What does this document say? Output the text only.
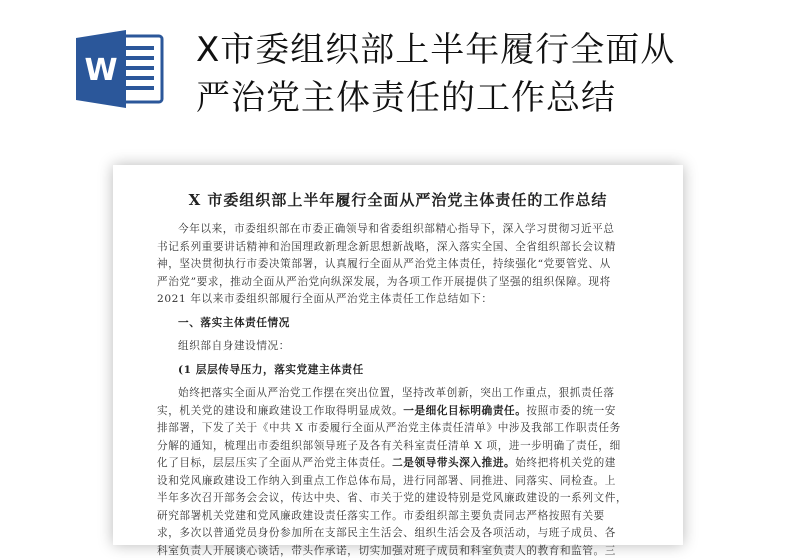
W
X市委组织部上半年履行全面从
严治党主体责任的工作总结
X 市委组织部上半年履行全面从严治党主体责任的工作总结
今年以来，市委组织部在市委正确领导和省委组织部精心指导下，深入学习贯彻习近平总
书记系列重要讲话精神和治国理政新理念新思想新战略，深入落实全国、全省组织部长会议精
神，坚决贯彻执行市委决策部署，认真履行全面从严治党主体责任，持续强化“党要管党、从
严治党”要求，推动全面从严治党向纵深发展，为各项工作开展提供了坚强的组织保障。现将
2021 年以来市委组织部履行全面从严治党主体责任工作总结如下：
一、落实主体责任情况
组织部自身建设情况：
(1 层层传导压力，落实党建主体责任
始终把落实全面从严治党工作摆在突出位置，坚持改革创新，突出工作重点，狠抓责任落
实，机关党的建设和廉政建设工作取得明显成效。一是细化目标明确责任。按照市委的统一安
排部署，下发了关于《中共 X 市委履行全面从严治党主体责任清单》中涉及我部工作职责任务
分解的通知，梳理出市委组织部领导班子及各有关科室责任清单 X 项，进一步明确了责任，细
化了目标，层层压实了全面从严治党主体责任。二是领导带头深入推进。始终把将机关党的建
设和党风廉政建设工作纳入到重点工作总体布局，进行同部署、同推进、同落实、同检查。上
半年多次召开部务会会议，传达中央、省、市关于党的建设特别是党风廉政建设的一系列文件，
研究部署机关党建和党风廉政建设责任落实工作。市委组织部主要负责同志严格按照有关要
求，多次以普通党员身份参加所在支部民主生活会、组织生活会及各项活动，与班子成员、各
科室负责人开展谈心谈话，带头作承诺，切实加强对班子成员和科室负责人的教育和监管。三
